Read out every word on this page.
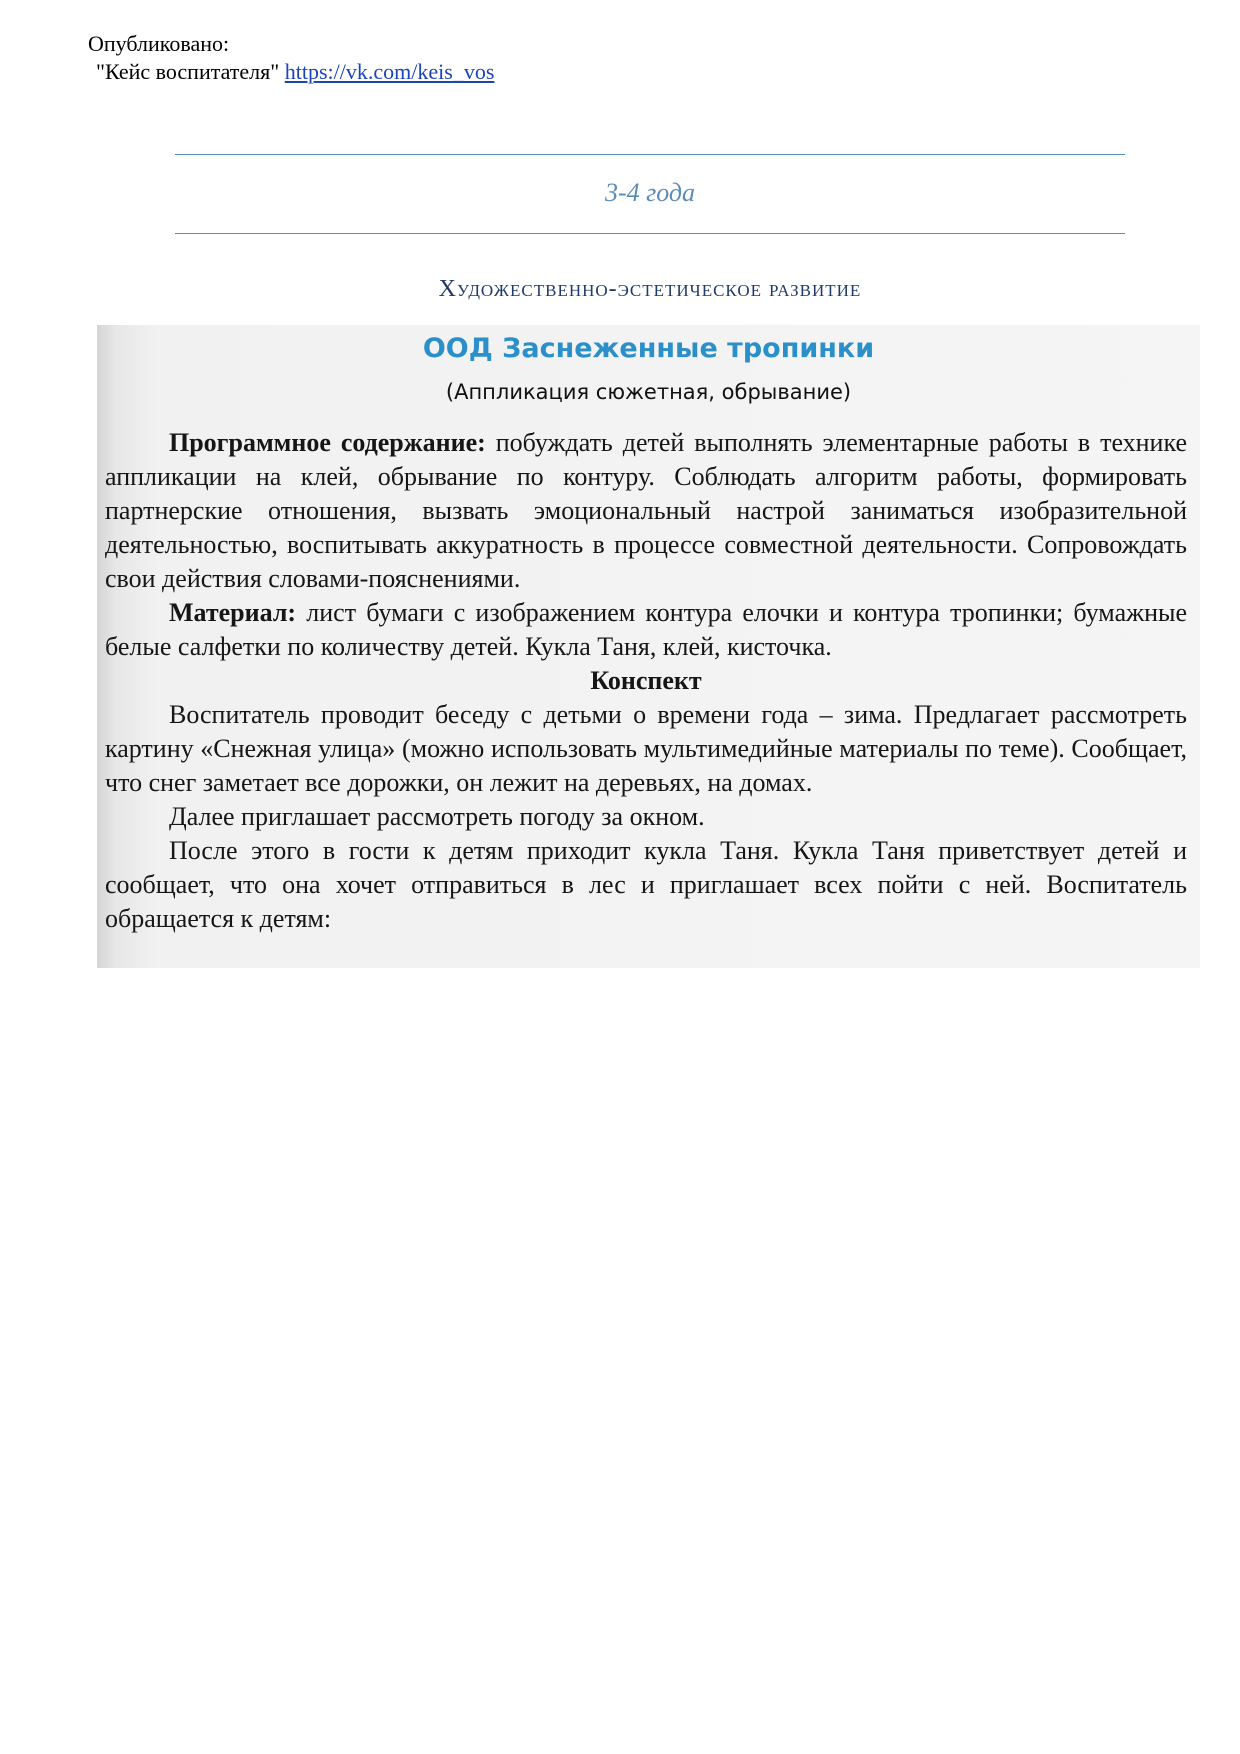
Опубликовано:
"Кейс воспитателя" https://vk.com/keis_vos
3-4 года
Художественно-эстетическое развитие
ООД Заснеженные тропинки
(Аппликация сюжетная, обрывание)

Программное содержание: побуждать детей выполнять элементарные работы в технике аппликации на клей, обрывание по контуру. Соблюдать алгоритм работы, формировать партнерские отношения, вызвать эмоциональный настрой заниматься изобразительной деятельностью, воспитывать аккуратность в процессе совместной деятельности. Сопровождать свои действия словами-пояснениями.

Материал: лист бумаги с изображением контура елочки и контура тропинки; бумажные белые салфетки по количеству детей. Кукла Таня, клей, кисточка.

Конспект

Воспитатель проводит беседу с детьми о времени года – зима. Предлагает рассмотреть картину «Снежная улица» (можно использовать мультимедийные материалы по теме). Сообщает, что снег заметает все дорожки, он лежит на деревьях, на домах.

Далее приглашает рассмотреть погоду за окном.

После этого в гости к детям приходит кукла Таня. Кукла Таня приветствует детей и сообщает, что она хочет отправиться в лес и приглашает всех пойти с ней. Воспитатель обращается к детям:
